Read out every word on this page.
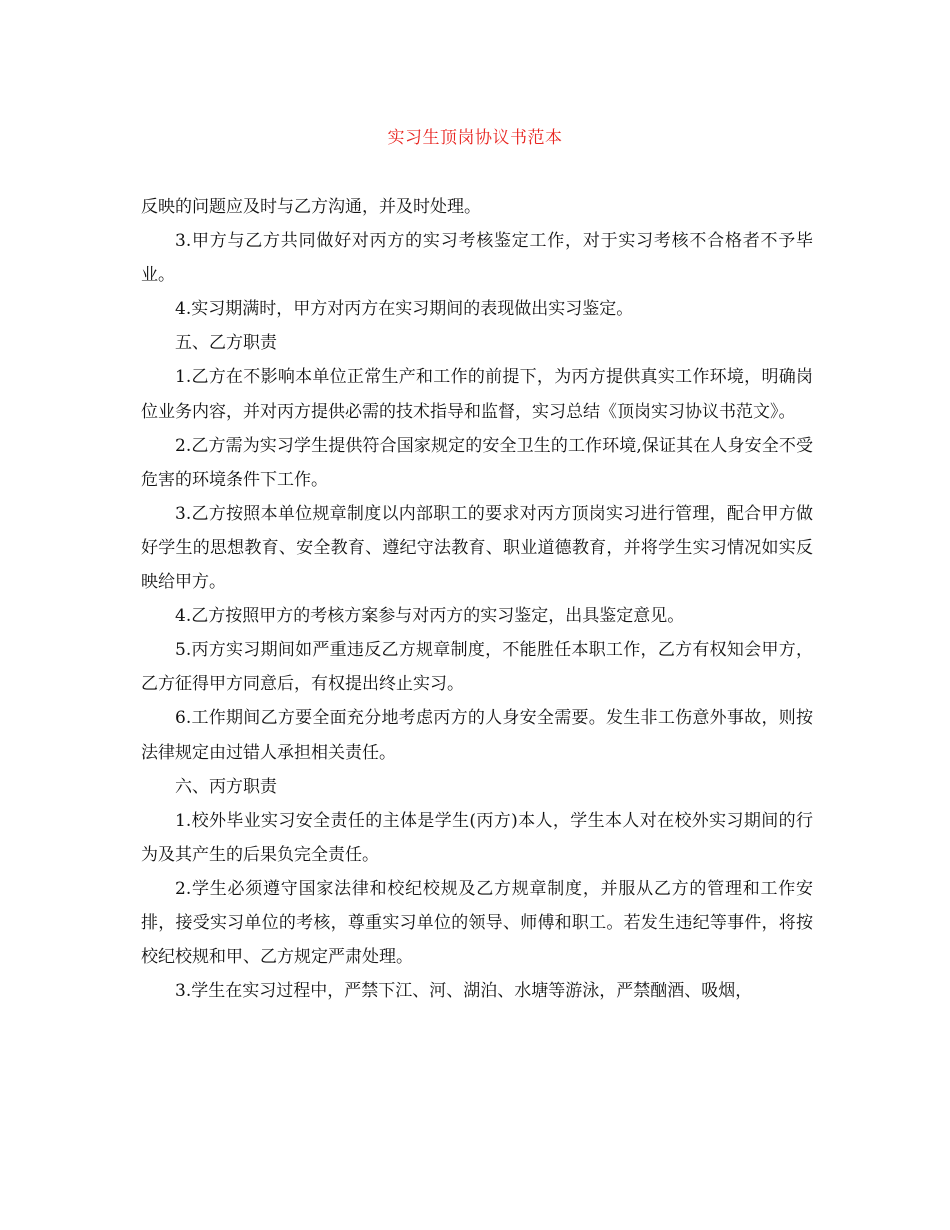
实习生顶岗协议书范本

反映的问题应及时与乙方沟通，并及时处理。

3.甲方与乙方共同做好对丙方的实习考核鉴定工作，对于实习考核不合格者不予毕业。

4.实习期满时，甲方对丙方在实习期间的表现做出实习鉴定。

五、乙方职责

1.乙方在不影响本单位正常生产和工作的前提下，为丙方提供真实工作环境，明确岗位业务内容，并对丙方提供必需的技术指导和监督，实习总结《顶岗实习协议书范文》。

2.乙方需为实习学生提供符合国家规定的安全卫生的工作环境,保证其在人身安全不受危害的环境条件下工作。

3.乙方按照本单位规章制度以内部职工的要求对丙方顶岗实习进行管理，配合甲方做好学生的思想教育、安全教育、遵纪守法教育、职业道德教育，并将学生实习情况如实反映给甲方。

4.乙方按照甲方的考核方案参与对丙方的实习鉴定，出具鉴定意见。

5.丙方实习期间如严重违反乙方规章制度，不能胜任本职工作，乙方有权知会甲方，乙方征得甲方同意后，有权提出终止实习。

6.工作期间乙方要全面充分地考虑丙方的人身安全需要。发生非工伤意外事故，则按法律规定由过错人承担相关责任。

六、丙方职责

1.校外毕业实习安全责任的主体是学生(丙方)本人，学生本人对在校外实习期间的行为及其产生的后果负完全责任。

2.学生必须遵守国家法律和校纪校规及乙方规章制度，并服从乙方的管理和工作安排，接受实习单位的考核，尊重实习单位的领导、师傅和职工。若发生违纪等事件，将按校纪校规和甲、乙方规定严肃处理。

3.学生在实习过程中，严禁下江、河、湖泊、水塘等游泳，严禁酗酒、吸烟，
